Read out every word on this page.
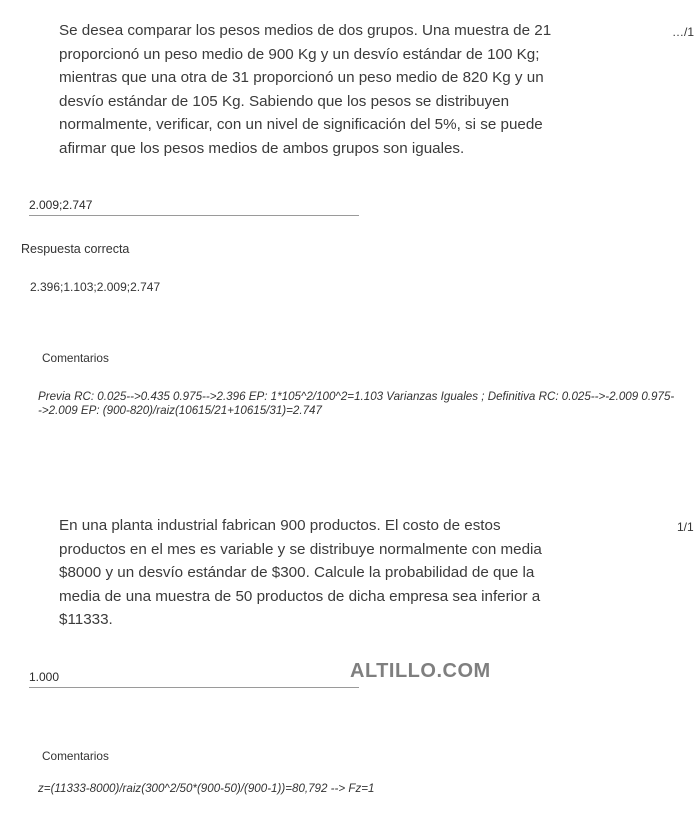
Se desea comparar los pesos medios de dos grupos. Una muestra de 21
proporcionó un peso medio de 900 Kg y un desvío estándar de 100 Kg;
mientras que una otra de 31 proporcionó un peso medio de 820 Kg y un
desvío estándar de 105 Kg. Sabiendo que los pesos se distribuyen
normalmente, verificar, con un nivel de significación del 5%, si se puede
afirmar que los pesos medios de ambos grupos son iguales.

…/1
2.009;2.747
Respuesta correcta
2.396;1.103;2.009;2.747
Comentarios

Previa RC: 0.025-->0.435 0.975-->2.396 EP: 1*105^2/100^2=1.103 Varianzas Iguales ; Definitiva RC: 0.025-->-2.009 0.975-->2.009 EP: (900-820)/raiz(10615/21+10615/31)=2.747

En una planta industrial fabrican 900 productos. El costo de estos
productos en el mes es variable y se distribuye normalmente con media
$8000 y un desvío estándar de $300. Calcule la probabilidad de que la
media de una muestra de 50 productos de dicha empresa sea inferior a
$11333.

1/1
1.000	ALTILLO.COM
Comentarios

z=(11333-8000)/raiz(300^2/50*(900-50)/(900-1))=80,792 --> Fz=1
